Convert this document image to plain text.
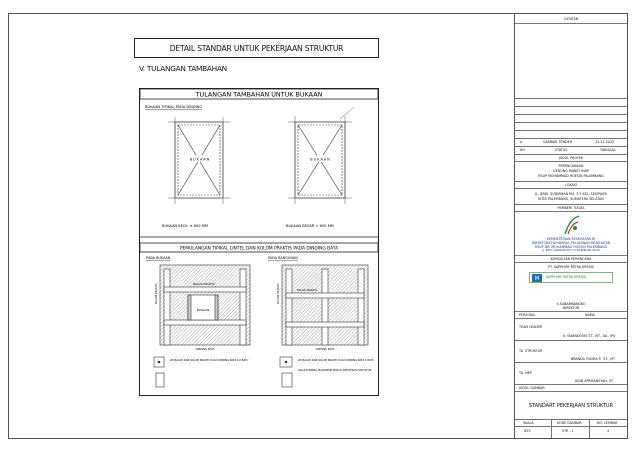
DETAIL STANDAR UNTUK PEKERJAAN STRUKTUR
V. TULANGAN TAMBAHAN
TULANGAN TAMBAHAN UNTUK BUKAAN
BUKAAN TIPIKAL PADA DINDING
B U K A A N
BUKAAN KECIL ≤ 600 MM
B U K A A N
BUKAAN BESAR > 600 MM
PEMULANGAN TIPIKAL LINTEL DAN KOLOM PRAKTIS PADA DINDING BATA
PADA BUKAAN	PADA BANGUNAN
BALOK PRAKTIS
BUKAAN
KOLOM PRAKTIS
DINDING BATA
BALOK PRAKTIS
KOLOM PRAKTIS
DINDING BATA
LIB BALOK DAN KOLOM PRAKTIS PADA DINDING BATA 1/2 BATU	LIB BALOK DAN KOLOM PRAKTIS PADA DINDING BATA 1 BATU
JARAK DINDING MAKSIMUM SESUAI SPESIFIKASI STRUKTUR
CATATAN
A	GAMBAR TENDER	31-12-2023
NO	STATUS	TANGGAL
JUDUL PROYEK
PERENCANAAN
GEDUNG RAWAT INAP
RSUP MOHAMMAD HOESIN PALEMBANG
LOKASI
JL. JEND. SUDIRMAN KM. 3,5 KEL. SEKIPJAYA
KOTA PALEMBANG, SUMATERA SELATAN
PEMBERI TUGAS
KEMENTERIAN KESEHATAN RI
DIREKTORAT JENDERAL PELAYANAN KESEHATAN
RSUP DR. MOHAMMAD HOESIN PALEMBANG
JL. JEND. SUDIRMAN KM. 3,5 PALEMBANG 30126
KONSULTAN PERENCANA
PT. SAPPHIRY MITRA KREASI
M SAPPHIRY MITRA KREASI
S.SUBAMBANGKO
DIREKTUR
PERSONIL	NAMA
TEAM LEADER
Ir. SWANDONO ST., MT., IAI., IPU
TA. STRUKTUR
BRANDA YUDHA P., ST., MT
TA. MEP
ADIN APRIYANSYAH, ST
JUDUL GAMBAR
STANDART PEKERJAAN STRUKTUR
SKALA	KODE GAMBAR	NO. LEMBAR
NTS	STR - 1	4
